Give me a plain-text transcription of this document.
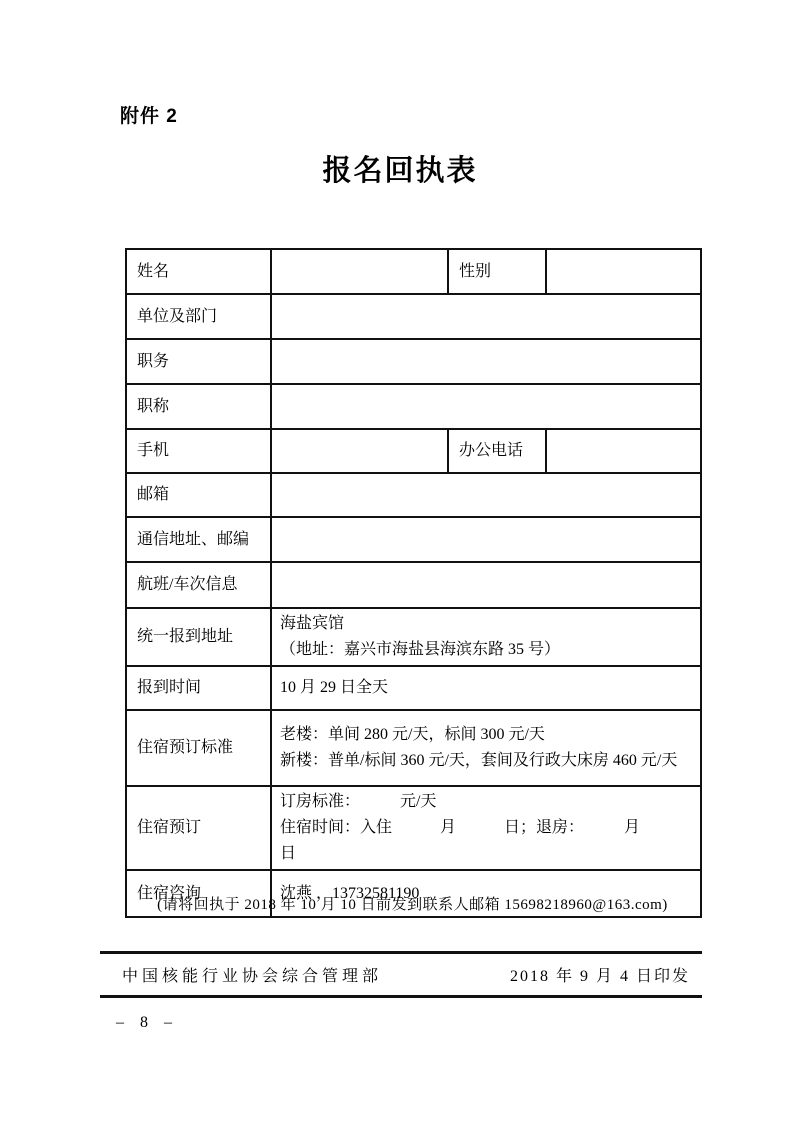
附件 2
报名回执表
姓名		性别	
单位及部门			
职务			
职称			
手机		办公电话	
邮箱			
通信地址、邮编			
航班/车次信息			
统一报到地址	海盐宾馆
（地址：嘉兴市海盐县海滨东路 35 号）		

报到时间	10 月 29 日全天		
住宿预订标准	老楼：单间 280 元/天，标间 300 元/天
新楼：普单/标间 360 元/天，套间及行政大床房 460 元/天		

住宿预订	订房标准：　　　元/天
住宿时间：入住　　　月　　　日；退房：　　　月　　　日		

住宿咨询	沈燕 ，13732581190		
(请将回执于 2018 年 10 月 10 日前发到联系人邮箱 15698218960@163.com)
中国核能行业协会综合管理部	2018 年 9 月 4 日印发
– 8 –
